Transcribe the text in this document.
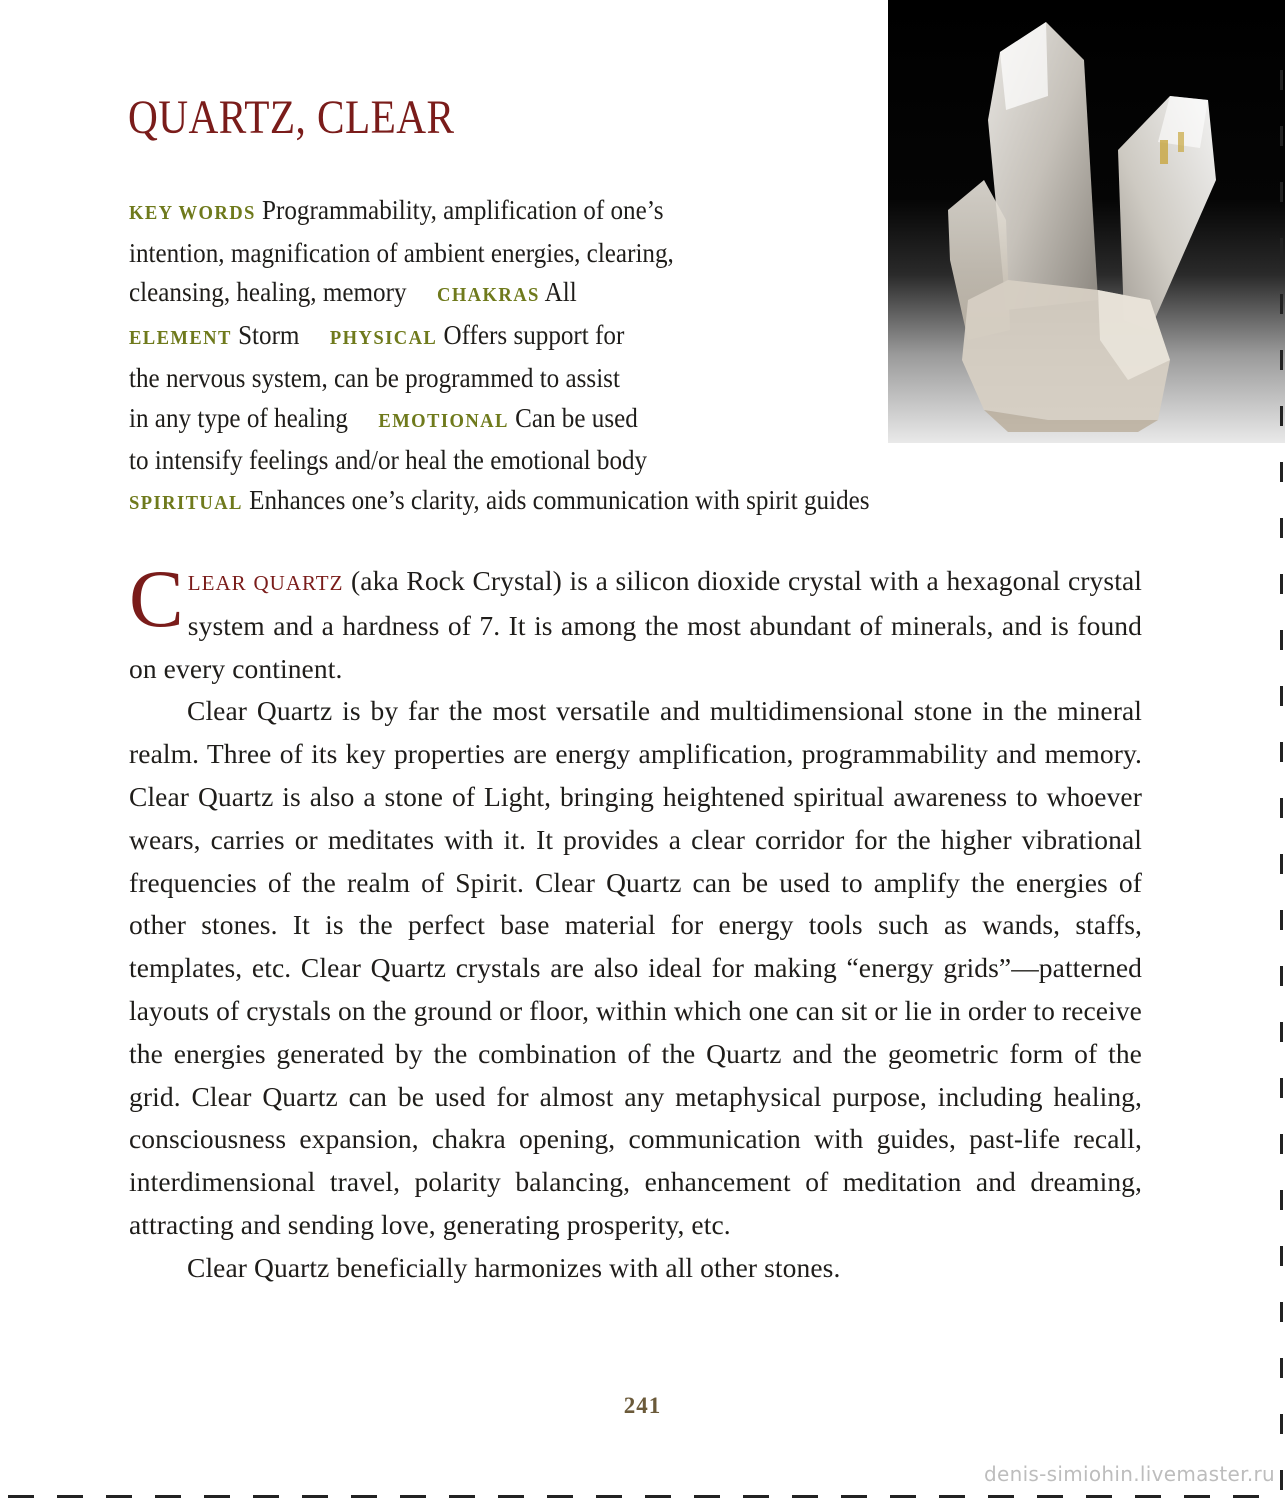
QUARTZ, CLEAR
KEY WORDS Programmability, amplification of one’s
intention, magnification of ambient energies, clearing,
cleansing, healing, memory CHAKRAS All
ELEMENT Storm PHYSICAL Offers support for
the nervous system, can be programmed to assist
in any type of healing EMOTIONAL Can be used
to intensify feelings and/or heal the emotional body
SPIRITUAL Enhances one’s clarity, aids communication with spirit guides

CLEAR QUARTZ (aka Rock Crystal) is a silicon dioxide crystal with a hexagonal crystal system and a hardness of 7. It is among the most abundant of minerals, and is found on every continent.

Clear Quartz is by far the most versatile and multidimensional stone in the mineral realm. Three of its key properties are energy amplification, programmability and memory. Clear Quartz is also a stone of Light, bringing heightened spiritual awareness to whoever wears, carries or meditates with it. It provides a clear corridor for the higher vibrational frequencies of the realm of Spirit. Clear Quartz can be used to amplify the energies of other stones. It is the perfect base material for energy tools such as wands, staffs, templates, etc. Clear Quartz crystals are also ideal for making “energy grids”—patterned layouts of crystals on the ground or floor, within which one can sit or lie in order to receive the energies generated by the combination of the Quartz and the geometric form of the grid. Clear Quartz can be used for almost any metaphysical purpose, including healing, consciousness expansion, chakra opening, communication with guides, past-life recall, interdimensional travel, polarity balancing, enhancement of meditation and dreaming, attracting and sending love, generating prosperity, etc.

Clear Quartz beneficially harmonizes with all other stones.

241
denis-simiohin.livemaster.ru
